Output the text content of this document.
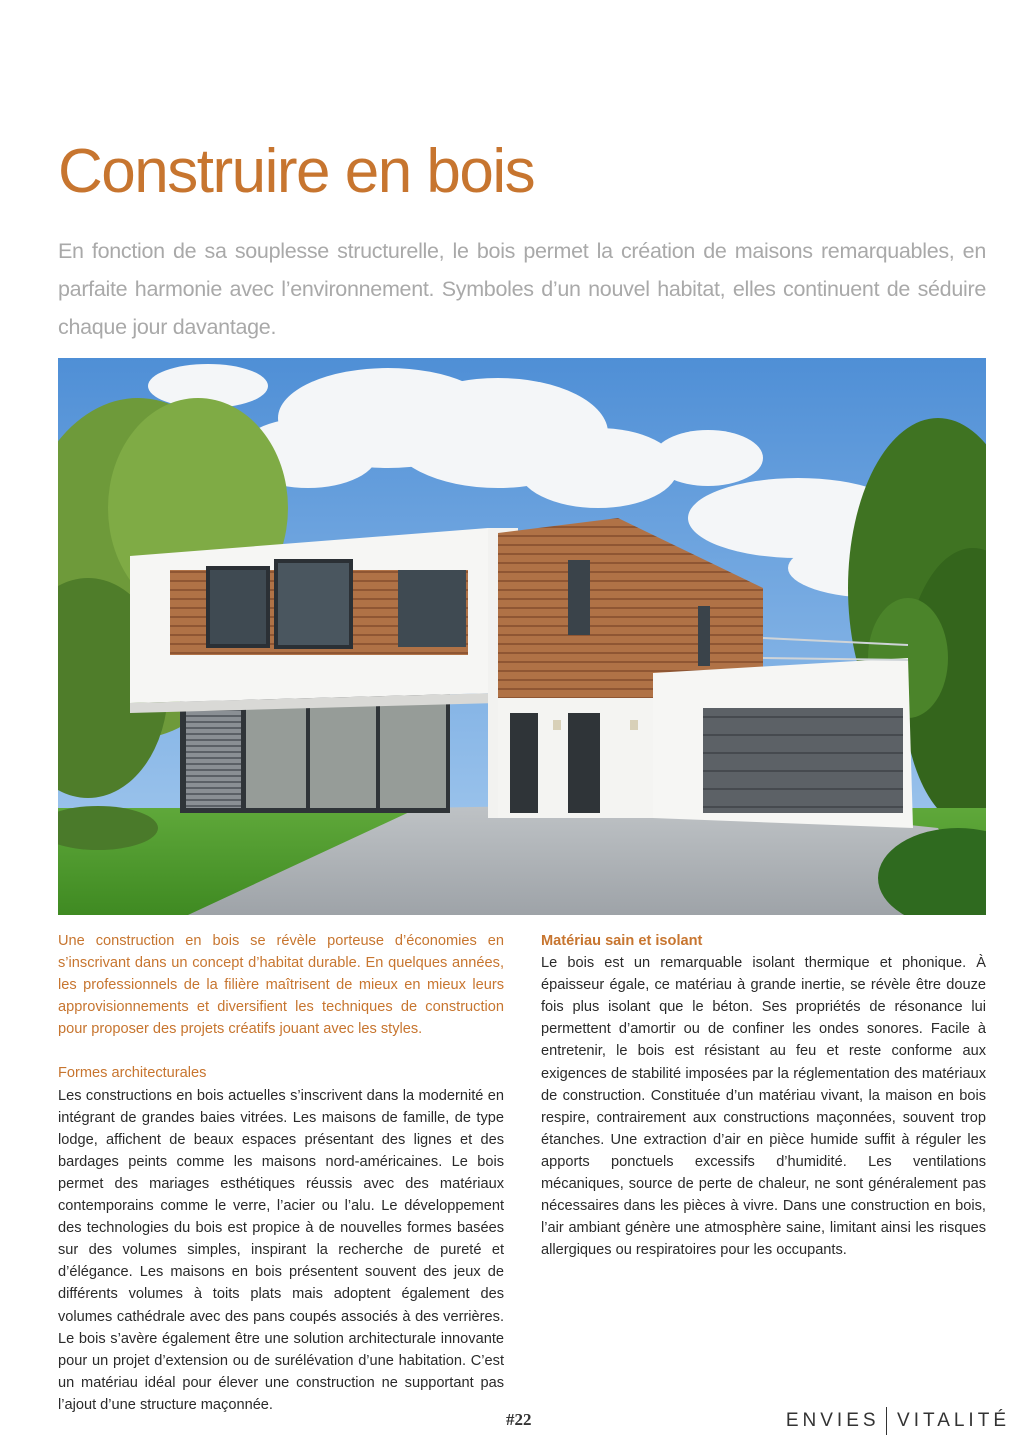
Construire en bois

En fonction de sa souplesse structurelle, le bois permet la création de maisons remarquables, en parfaite harmonie avec l’environnement. Symboles d’un nouvel habitat, elles continuent de séduire chaque jour davantage.

Une construction en bois se révèle porteuse d’économies en s’inscrivant dans un concept d’habitat durable. En quelques années, les professionnels de la filière maîtrisent de mieux en mieux leurs approvisionnements et diversifient les techniques de construction pour proposer des projets créatifs jouant avec les styles.

Formes architecturales

Les constructions en bois actuelles s’inscrivent dans la modernité en intégrant de grandes baies vitrées. Les maisons de famille, de type lodge, affichent de beaux espaces présentant des lignes et des bardages peints comme les maisons nord-américaines. Le bois permet des mariages esthétiques réussis avec des matériaux contemporains comme le verre, l’acier ou l’alu. Le développement des technologies du bois est propice à de nouvelles formes basées sur des volumes simples, inspirant la recherche de pureté et d’élégance. Les maisons en bois présentent souvent des jeux de différents volumes à toits plats mais adoptent également des volumes cathédrale avec des pans coupés associés à des verrières. Le bois s’avère également être une solution architecturale innovante pour un projet d’extension ou de surélévation d’une habitation. C’est un matériau idéal pour élever une construction ne supportant pas l’ajout d’une structure maçonnée.

Matériau sain et isolant

Le bois est un remarquable isolant thermique et phonique. À épaisseur égale, ce matériau à grande inertie, se révèle être douze fois plus isolant que le béton. Ses propriétés de résonance lui permettent d’amortir ou de confiner les ondes sonores. Facile à entretenir, le bois est résistant au feu et reste conforme aux exigences de stabilité imposées par la réglementation des matériaux de construction. Constituée d’un matériau vivant, la maison en bois respire, contrairement aux constructions maçonnées, souvent trop étanches. Une extraction d’air en pièce humide suffit à réguler les apports ponctuels excessifs d’humidité. Les ventilations mécaniques, source de perte de chaleur, ne sont généralement pas nécessaires dans les pièces à vivre. Dans une construction en bois, l’air ambiant génère une atmosphère saine, limitant ainsi les risques allergiques ou respiratoires pour les occupants.

#22	ENVIES VITALITÉ
